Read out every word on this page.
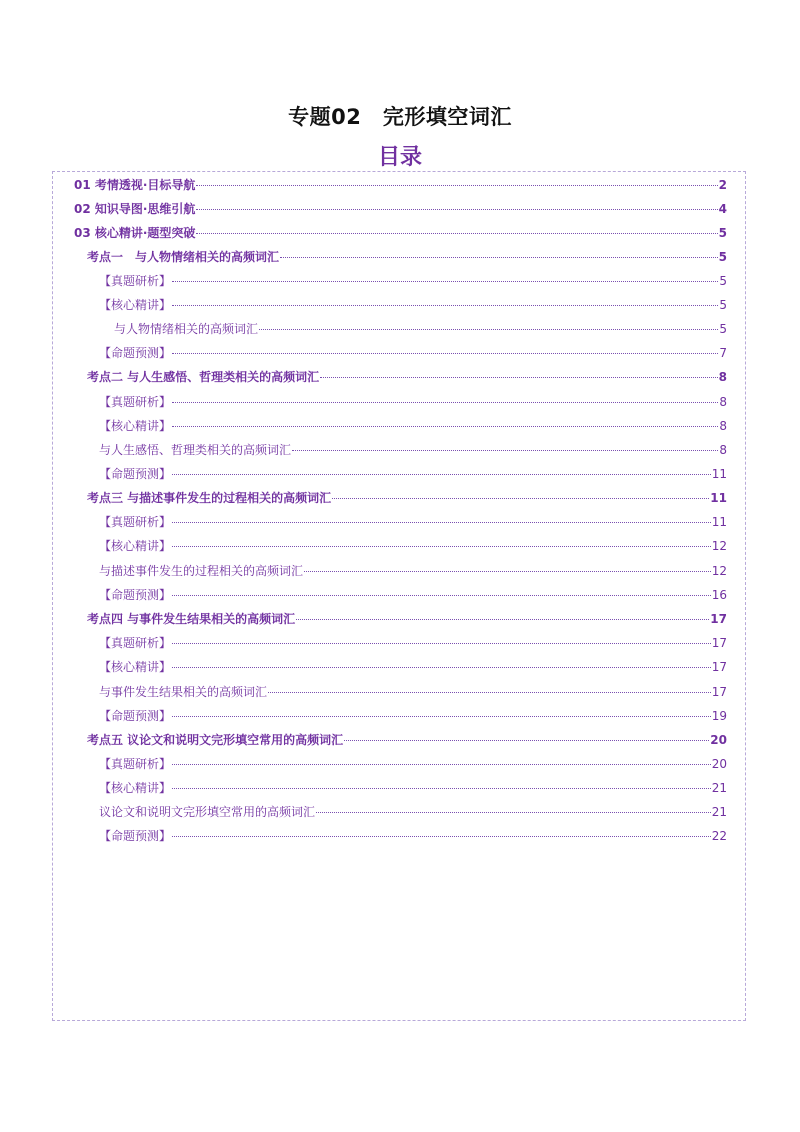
专题02　完形填空词汇
目录
01 考情透视·目标导航	2
02 知识导图·思维引航	4
03 核心精讲·题型突破	5
考点一　与人物情绪相关的高频词汇	5
【真题研析】	5
【核心精讲】	5
与人物情绪相关的高频词汇	5
【命题预测】	7
考点二 与人生感悟、哲理类相关的高频词汇	8
【真题研析】	8
【核心精讲】	8
与人生感悟、哲理类相关的高频词汇	8
【命题预测】	11
考点三 与描述事件发生的过程相关的高频词汇	11
【真题研析】	11
【核心精讲】	12
与描述事件发生的过程相关的高频词汇	12
【命题预测】	16
考点四 与事件发生结果相关的高频词汇	17
【真题研析】	17
【核心精讲】	17
与事件发生结果相关的高频词汇	17
【命题预测】	19
考点五 议论文和说明文完形填空常用的高频词汇	20
【真题研析】	20
【核心精讲】	21
议论文和说明文完形填空常用的高频词汇	21
【命题预测】	22
